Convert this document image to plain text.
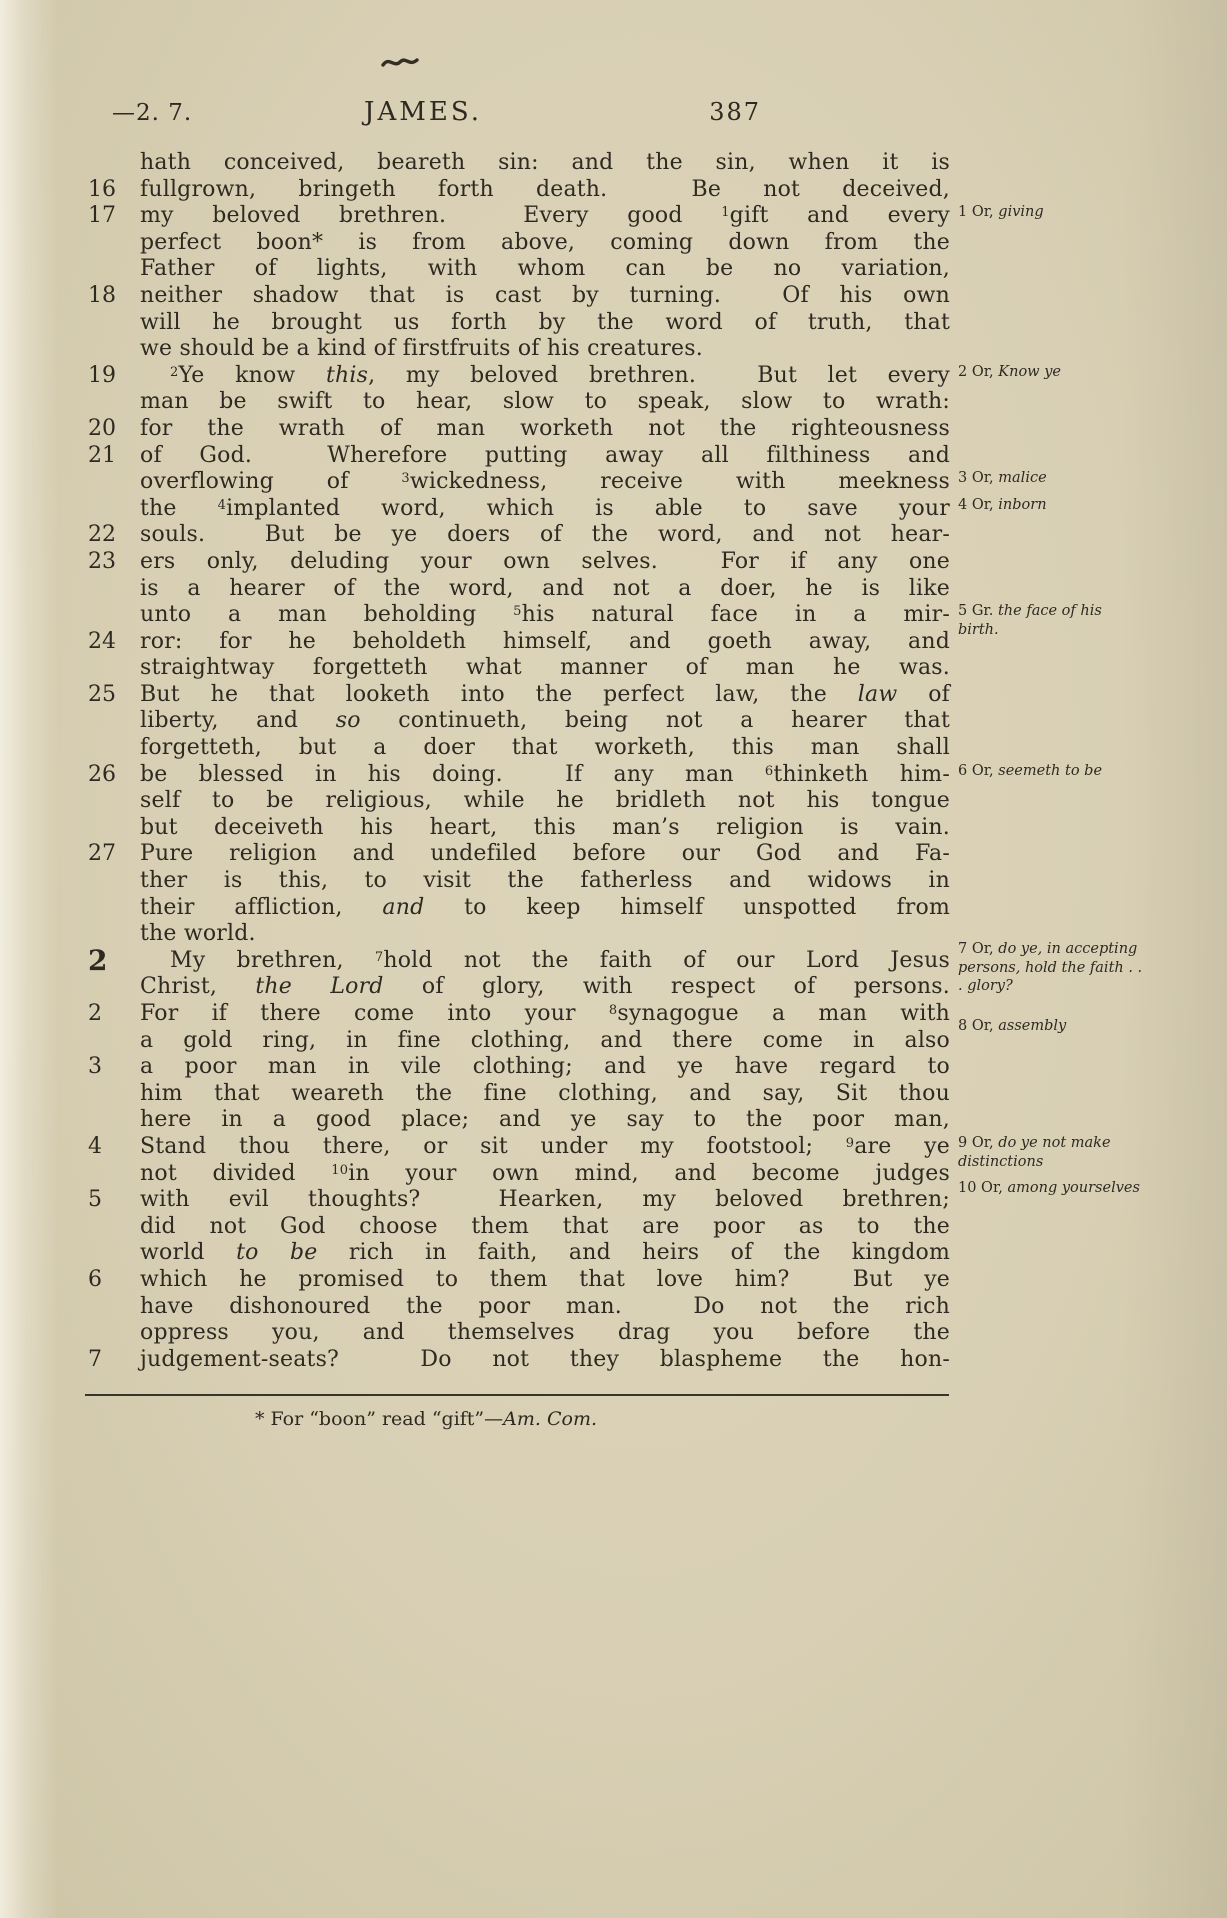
—2. 7.	JAMES.	387
hath conceived, beareth sin: and the sin, when it is
16	fullgrown, bringeth forth death.  Be not deceived,
17	my beloved brethren.  Every good $^1$gift and every
perfect boon* is from above, coming down from the
Father of lights, with whom can be no variation,
18	neither shadow that is cast by turning.  Of his own
will he brought us forth by the word of truth, that
we should be a kind of firstfruits of his creatures.
19	$^2$Ye know this, my beloved brethren.  But let every
man be swift to hear, slow to speak, slow to wrath:
20	for the wrath of man worketh not the righteousness
21	of God.  Wherefore putting away all filthiness and
overflowing of $^3$wickedness, receive with meekness
the $^4$implanted word, which is able to save your
22	souls.  But be ye doers of the word, and not hear-
23	ers only, deluding your own selves.  For if any one
is a hearer of the word, and not a doer, he is like
unto a man beholding $^5$his natural face in a mir-
24	ror: for he beholdeth himself, and goeth away, and
straightway forgetteth what manner of man he was.
25	But he that looketh into the perfect law, the law of
liberty, and so continueth, being not a hearer that
forgetteth, but a doer that worketh, this man shall
26	be blessed in his doing.  If any man $^6$thinketh him-
self to be religious, while he bridleth not his tongue
but deceiveth his heart, this man’s religion is vain.
27	Pure religion and undefiled before our God and Fa-
ther is this, to visit the fatherless and widows in
their affliction, and to keep himself unspotted from
the world.
2	My brethren, $^7$hold not the faith of our Lord Jesus
Christ, the Lord of glory, with respect of persons.
2	For if there come into your $^8$synagogue a man with
a gold ring, in fine clothing, and there come in also
3	a poor man in vile clothing; and ye have regard to
him that weareth the fine clothing, and say, Sit thou
here in a good place; and ye say to the poor man,
4	Stand thou there, or sit under my footstool; $^9$are ye
not divided $^{10}$in your own mind, and become judges
5	with evil thoughts?  Hearken, my beloved brethren;
did not God choose them that are poor as to the
world to be rich in faith, and heirs of the kingdom
6	which he promised to them that love him?  But ye
have dishonoured the poor man.  Do not the rich
oppress you, and themselves drag you before the
7	judgement-seats?  Do not they blaspheme the hon-
1 Or, giving
2 Or, Know ye
3 Or, malice
4 Or, inborn
5 Gr. the face of his birth.
6 Or, seemeth to be
7 Or, do ye, in accepting persons, hold the faith . . . glory?
8 Or, assembly
9 Or, do ye not make distinctions
10 Or, among yourselves
* For “boon” read “gift”—Am. Com.
